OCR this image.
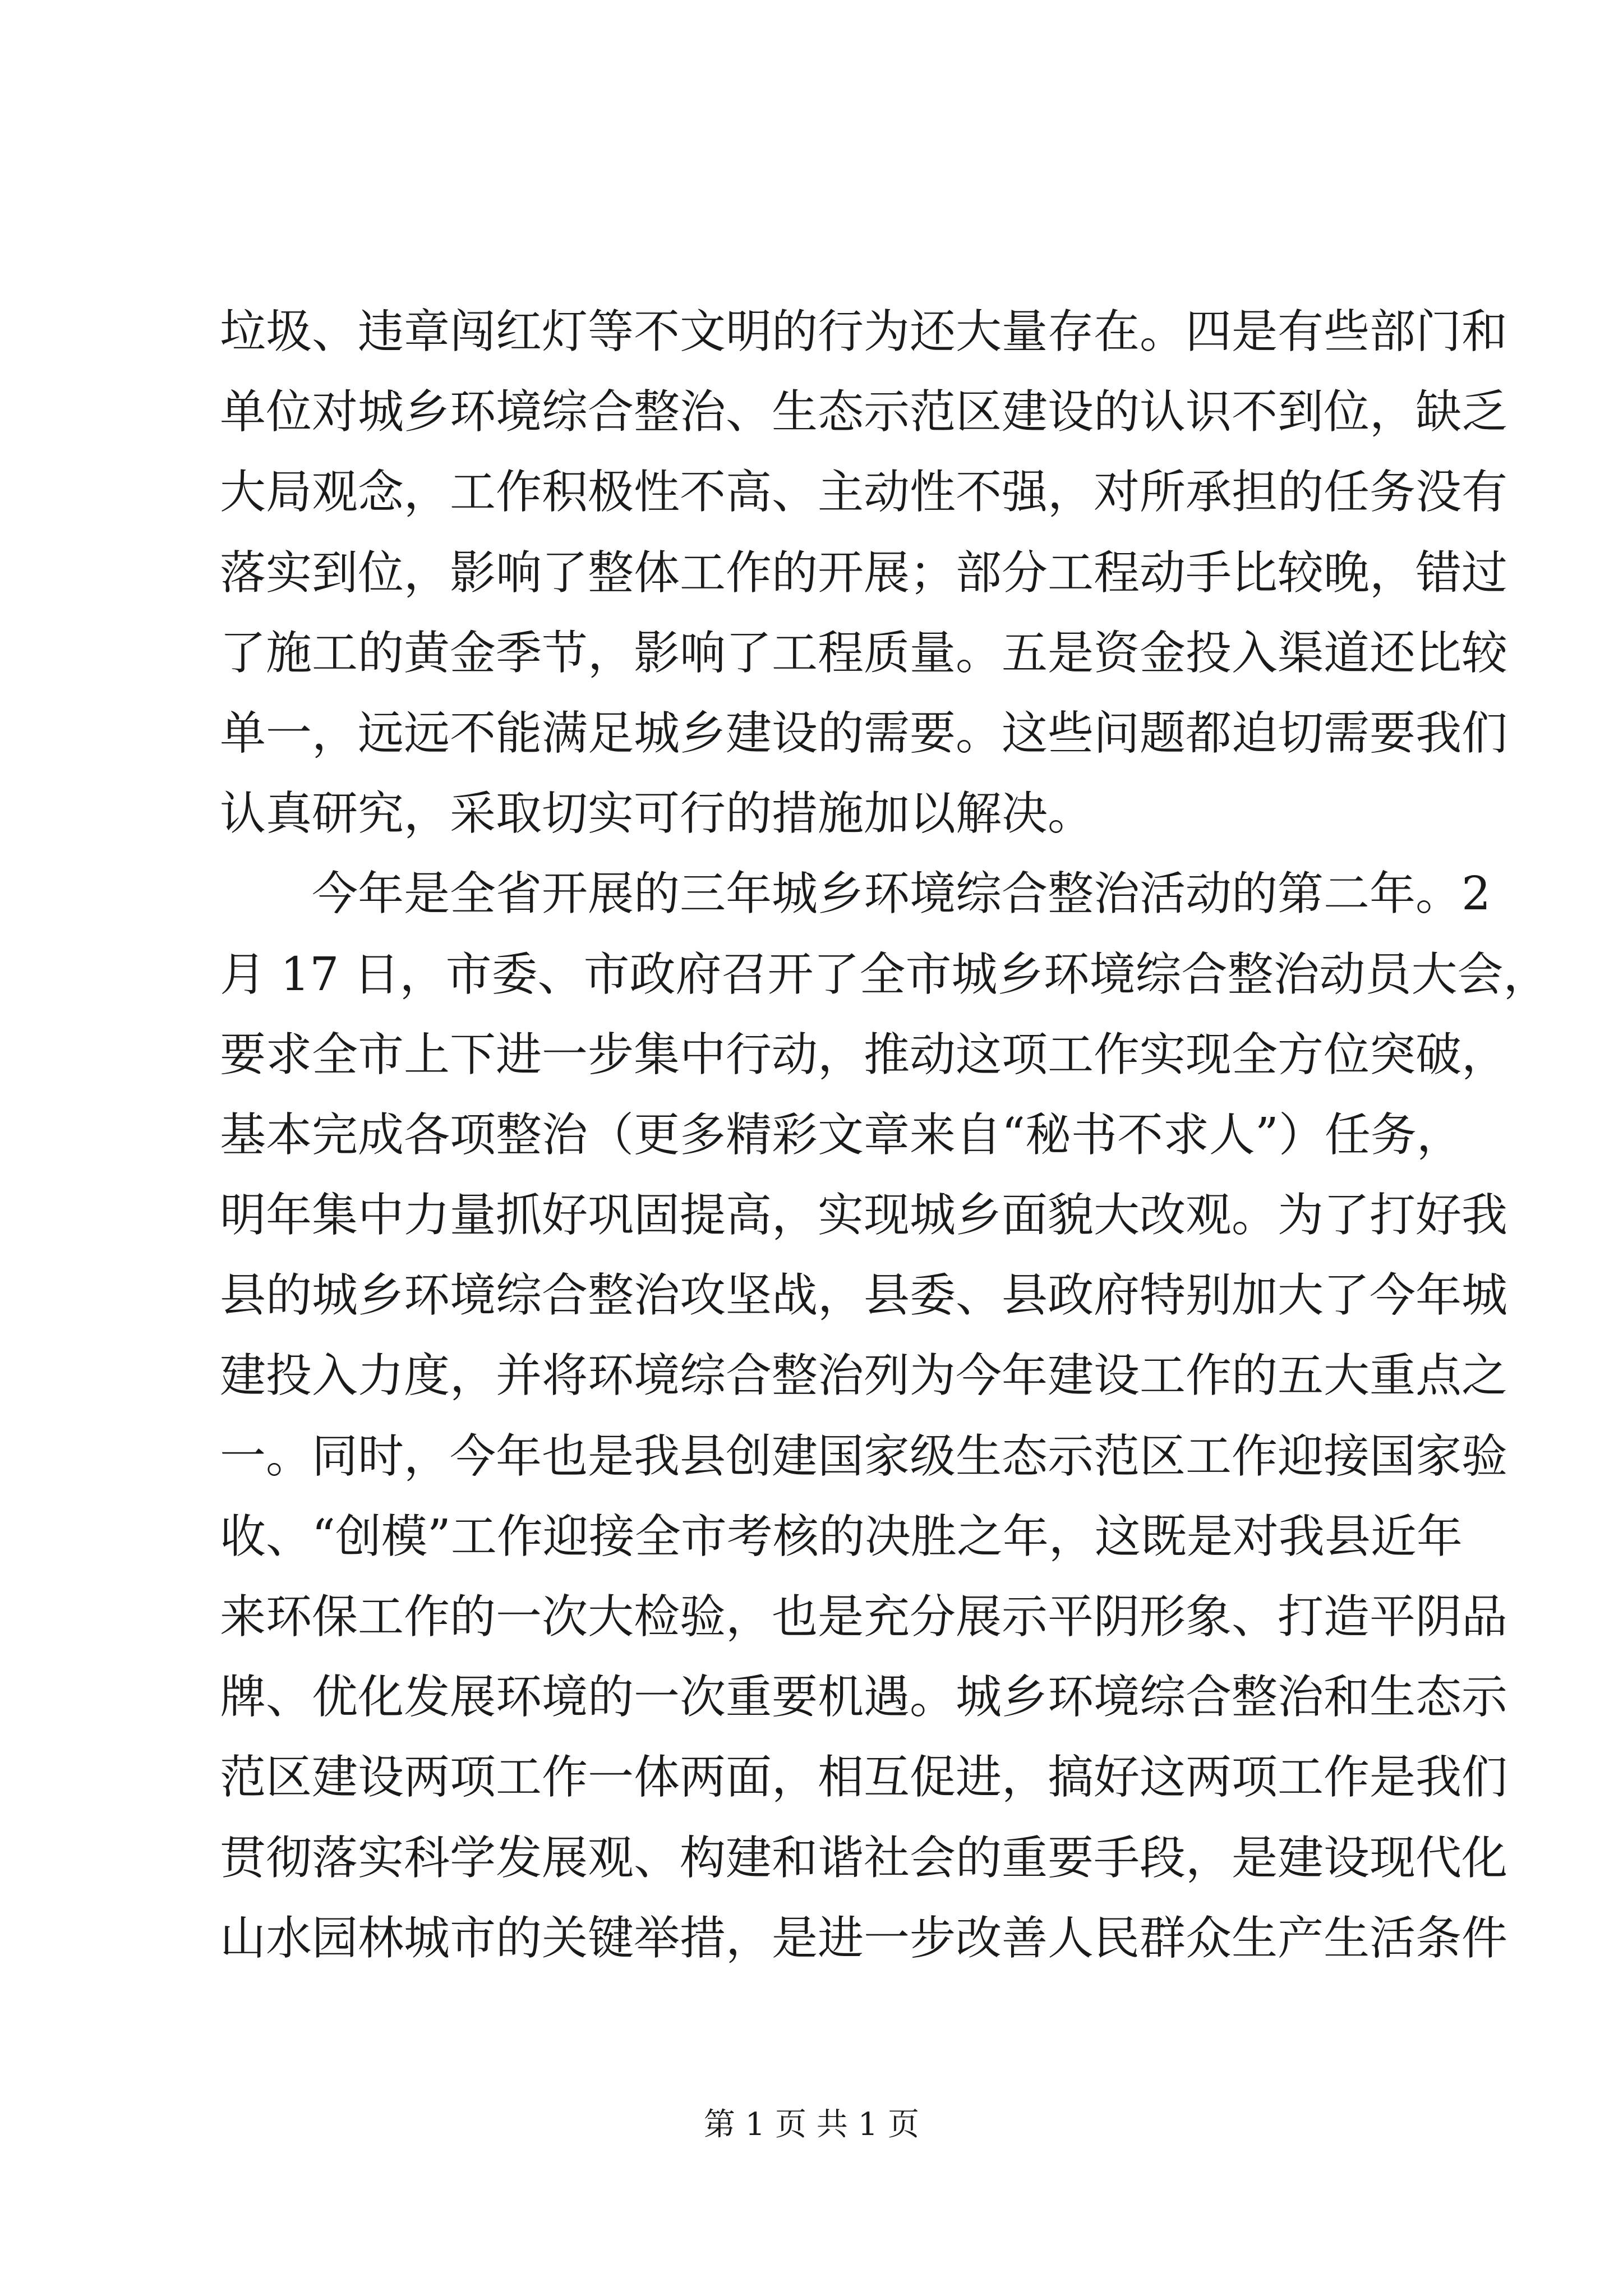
垃圾、违章闯红灯等不文明的行为还大量存在。四是有些部门和
单位对城乡环境综合整治、生态示范区建设的认识不到位，缺乏
大局观念，工作积极性不高、主动性不强，对所承担的任务没有
落实到位，影响了整体工作的开展；部分工程动手比较晚，错过
了施工的黄金季节，影响了工程质量。五是资金投入渠道还比较
单一，远远不能满足城乡建设的需要。这些问题都迫切需要我们
认真研究，采取切实可行的措施加以解决。
今年是全省开展的三年城乡环境综合整治活动的第二年。2
月 17 日，市委、市政府召开了全市城乡环境综合整治动员大会，
要求全市上下进一步集中行动，推动这项工作实现全方位突破，
基本完成各项整治（更多精彩文章来自“秘书不求人”）任务，
明年集中力量抓好巩固提高，实现城乡面貌大改观。为了打好我
县的城乡环境综合整治攻坚战，县委、县政府特别加大了今年城
建投入力度，并将环境综合整治列为今年建设工作的五大重点之
一。同时，今年也是我县创建国家级生态示范区工作迎接国家验
收、“创模”工作迎接全市考核的决胜之年，这既是对我县近年
来环保工作的一次大检验，也是充分展示平阴形象、打造平阴品
牌、优化发展环境的一次重要机遇。城乡环境综合整治和生态示
范区建设两项工作一体两面，相互促进，搞好这两项工作是我们
贯彻落实科学发展观、构建和谐社会的重要手段，是建设现代化
山水园林城市的关键举措，是进一步改善人民群众生产生活条件
第 1 页 共 1 页
